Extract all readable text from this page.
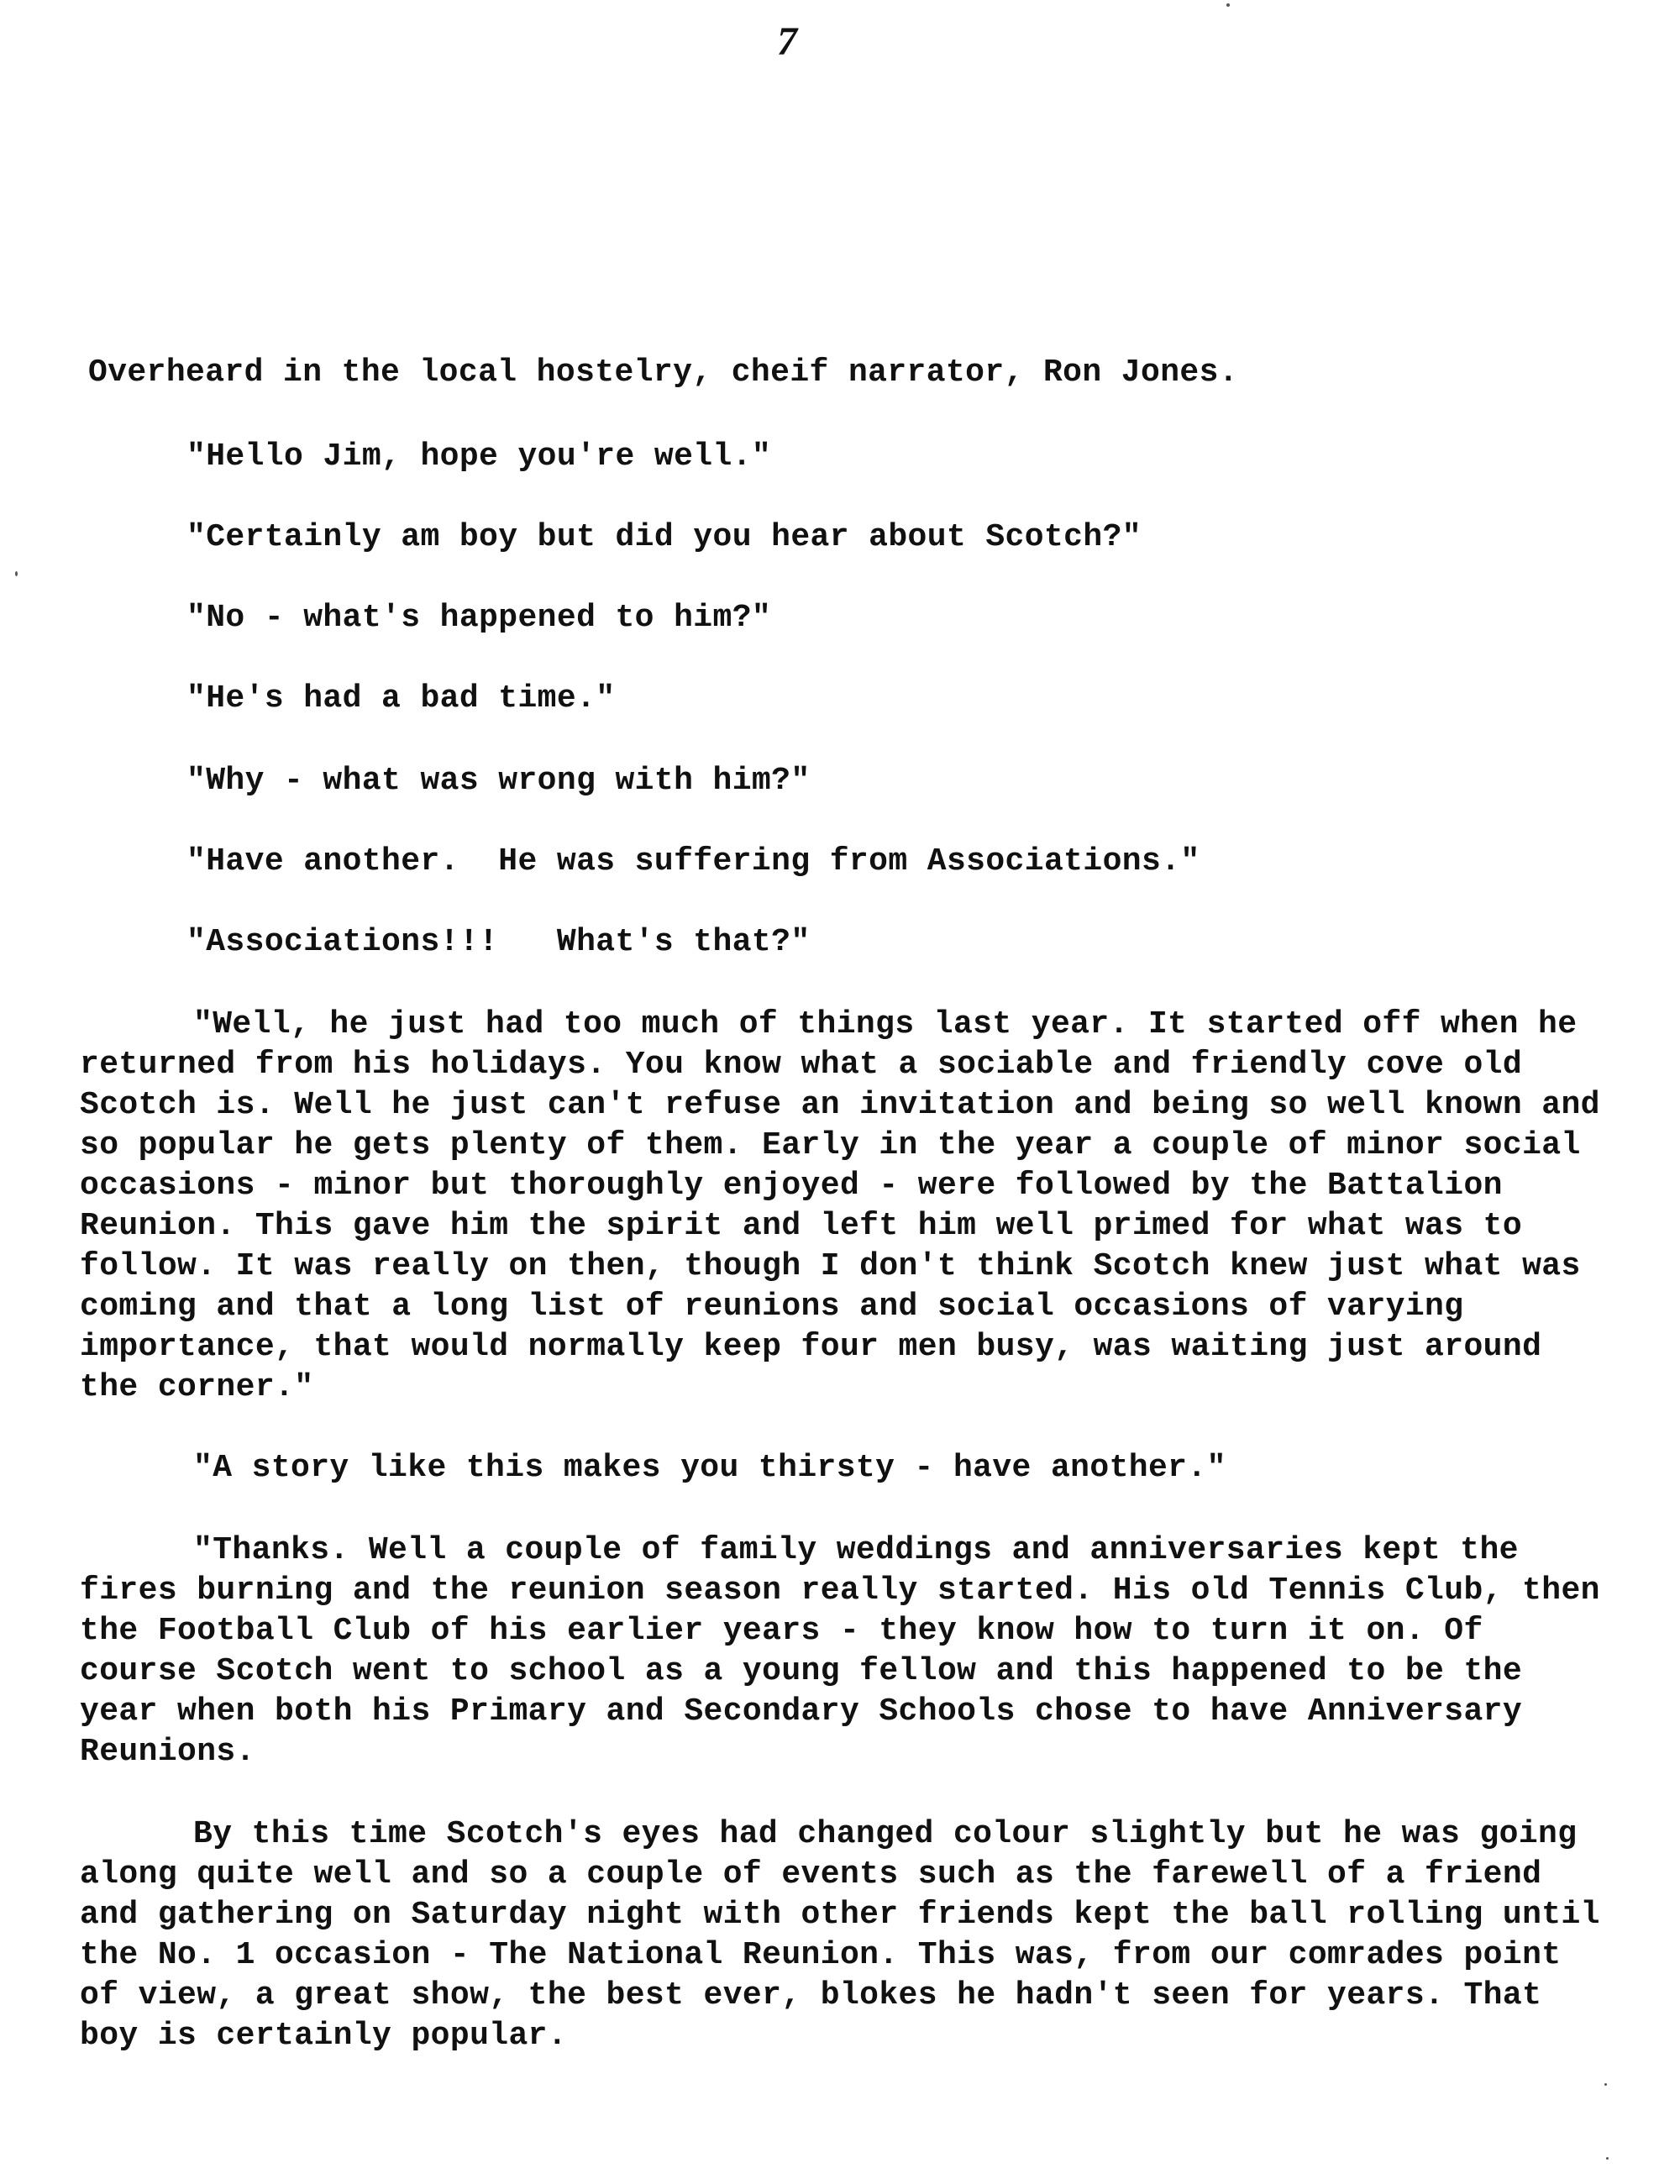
7
Overheard in the local hostelry, cheif narrator, Ron Jones.
"Hello Jim, hope you're well."
"Certainly am boy but did you hear about Scotch?"
"No - what's happened to him?"
"He's had a bad time."
"Why - what was wrong with him?"
"Have another.  He was suffering from Associations."
"Associations!!!   What's that?"
"Well, he just had too much of things last year. It started off when he returned from his holidays. You know what a sociable and friendly cove old Scotch is. Well he just can't refuse an invitation and being so well known and so popular he gets plenty of them. Early in the year a couple of minor social occasions - minor but thoroughly enjoyed - were followed by the Battalion Reunion. This gave him the spirit and left him well primed for what was to follow. It was really on then, though I don't think Scotch knew just what was coming and that a long list of reunions and social occasions of varying importance, that would normally keep four men busy, was waiting just around the corner."
"A story like this makes you thirsty - have another."
"Thanks. Well a couple of family weddings and anniversaries kept the fires burning and the reunion season really started. His old Tennis Club, then the Football Club of his earlier years - they know how to turn it on. Of course Scotch went to school as a young fellow and this happened to be the year when both his Primary and Secondary Schools chose to have Anniversary Reunions.
By this time Scotch's eyes had changed colour slightly but he was going along quite well and so a couple of events such as the farewell of a friend and gathering on Saturday night with other friends kept the ball rolling until the No. 1 occasion - The National Reunion. This was, from our comrades point of view, a great show, the best ever, blokes he hadn't seen for years. That boy is certainly popular.
